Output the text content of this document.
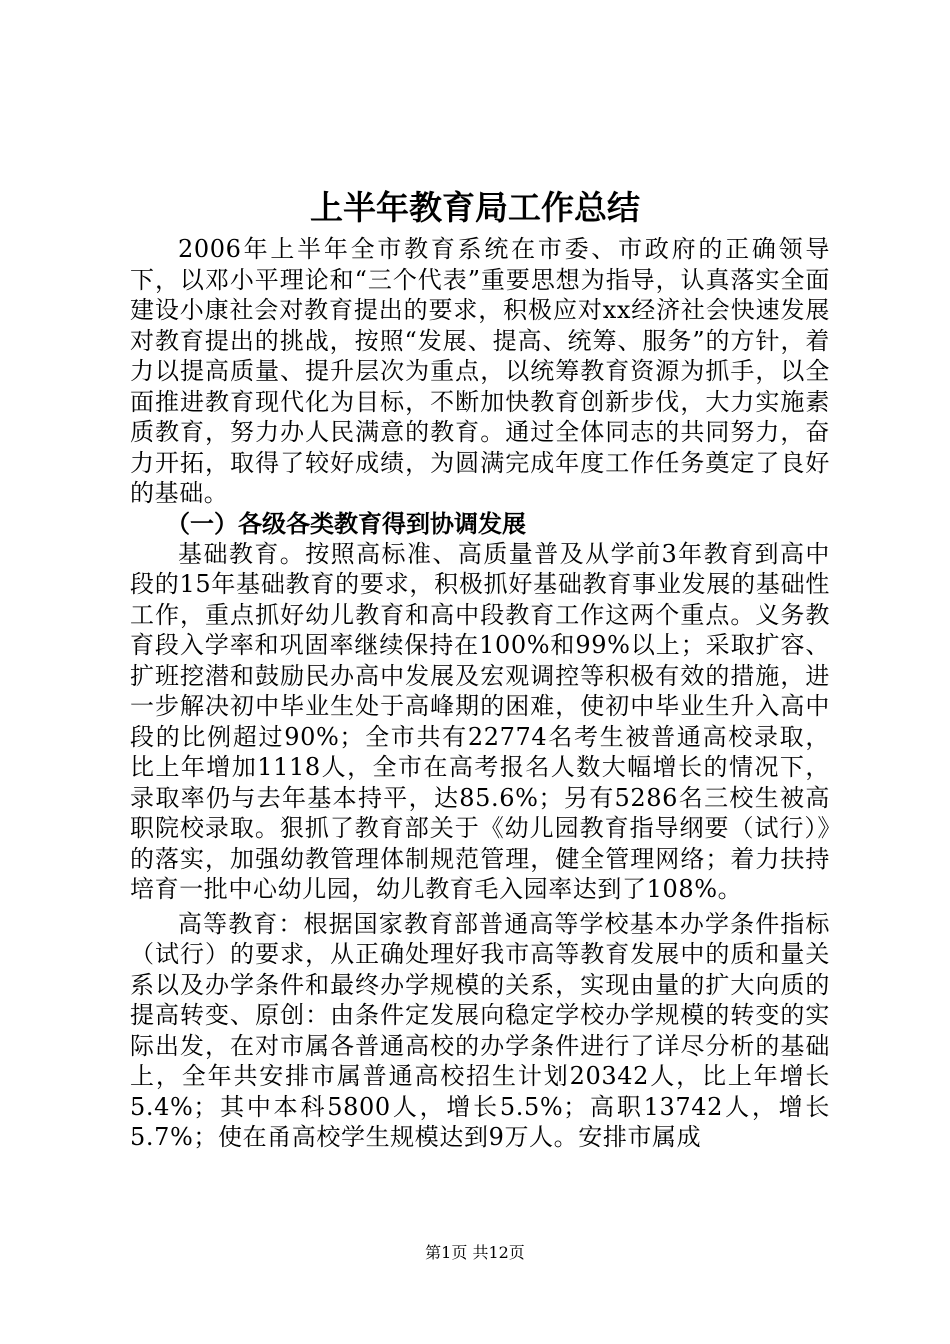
上半年教育局工作总结

2006年上半年全市教育系统在市委、市政府的正确领导下，以邓小平理论和“三个代表”重要思想为指导，认真落实全面建设小康社会对教育提出的要求，积极应对xx经济社会快速发展对教育提出的挑战，按照“发展、提高、统筹、服务”的方针，着力以提高质量、提升层次为重点，以统筹教育资源为抓手，以全面推进教育现代化为目标，不断加快教育创新步伐，大力实施素质教育，努力办人民满意的教育。通过全体同志的共同努力，奋力开拓，取得了较好成绩，为圆满完成年度工作任务奠定了良好的基础。

（一）各级各类教育得到协调发展

基础教育。按照高标准、高质量普及从学前3年教育到高中段的15年基础教育的要求，积极抓好基础教育事业发展的基础性工作，重点抓好幼儿教育和高中段教育工作这两个重点。义务教育段入学率和巩固率继续保持在100%和99%以上；采取扩容、扩班挖潜和鼓励民办高中发展及宏观调控等积极有效的措施，进一步解决初中毕业生处于高峰期的困难，使初中毕业生升入高中段的比例超过90%；全市共有22774名考生被普通高校录取，比上年增加1118人，全市在高考报名人数大幅增长的情况下，录取率仍与去年基本持平，达85.6%；另有5286名三校生被高职院校录取。狠抓了教育部关于《幼儿园教育指导纲要（试行）》的落实，加强幼教管理体制规范管理，健全管理网络；着力扶持培育一批中心幼儿园，幼儿教育毛入园率达到了108%。

高等教育：根据国家教育部普通高等学校基本办学条件指标（试行）的要求，从正确处理好我市高等教育发展中的质和量关系以及办学条件和最终办学规模的关系，实现由量的扩大向质的提高转变、原创：由条件定发展向稳定学校办学规模的转变的实际出发，在对市属各普通高校的办学条件进行了详尽分析的基础上，全年共安排市属普通高校招生计划20342人，比上年增长5.4%；其中本科5800人，增长5.5%；高职13742人，增长5.7%；使在甬高校学生规模达到9万人。安排市属成

第1页 共12页
